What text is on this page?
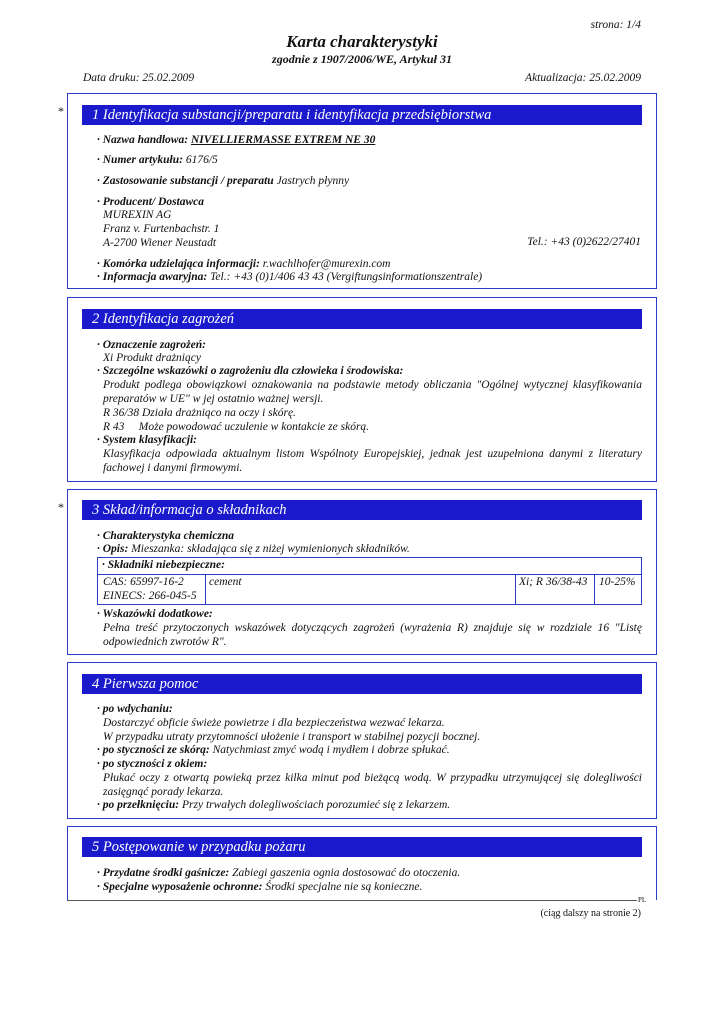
strona: 1/4
Karta charakterystyki
zgodnie z 1907/2006/WE, Artykuł 31
Data druku: 25.02.2009	Aktualizacja: 25.02.2009
*	1 Identyfikacja substancji/preparatu i identyfikacja przedsiębiorstwa
· Nazwa handlowa: NIVELLIERMASSE EXTREM NE 30
· Numer artykułu: 6176/5
· Zastosowanie substancji / preparatu Jastrych płynny
· Producent/ Dostawca
MUREXIN AG
Franz v. Furtenbachstr. 1
A-2700 Wiener Neustadt	Tel.: +43 (0)2622/27401
· Komórka udzielająca informacji: r.wachlhofer@murexin.com
· Informacja awaryjna: Tel.: +43 (0)1/406 43 43 (Vergiftungsinformationszentrale)
2 Identyfikacja zagrożeń
· Oznaczenie zagrożeń:
Xi Produkt drażniący
· Szczególne wskazówki o zagrożeniu dla człowieka i środowiska:
Produkt podlega obowiązkowi oznakowania na podstawie metody obliczania "Ogólnej wytycznej klasyfikowania preparatów w UE" w jej ostatnio ważnej wersji.
R 36/38 Działa drażniąco na oczy i skórę.
R 43     Może powodować uczulenie w kontakcie ze skórą.
· System klasyfikacji:
Klasyfikacja odpowiada aktualnym listom Wspólnoty Europejskiej, jednak jest uzupełniona danymi z literatury fachowej i danymi firmowymi.
*	3 Skład/informacja o składnikach
· Charakterystyka chemiczna
· Opis: Mieszanka: składająca się z niżej wymienionych składników.
· Składniki niebezpieczne:
CAS: 65997-16-2
EINECS: 266-045-5
cement	Xi; R 36/38-43 10-25%
· Wskazówki dodatkowe:
Pełna treść przytoczonych wskazówek dotyczących zagrożeń (wyrażenia R) znajduje się w rozdziale 16 "Listę odpowiednich zwrotów R".
4 Pierwsza pomoc
· po wdychaniu:
Dostarczyć obficie świeże powietrze i dla bezpieczeństwa wezwać lekarza.
W przypadku utraty przytomności ułożenie i transport w stabilnej pozycji bocznej.
· po styczności ze skórą: Natychmiast zmyć wodą i mydłem i dobrze spłukać.
· po styczności z okiem:
Płukać oczy z otwartą powieką przez kilka minut pod bieżącą wodą. W przypadku utrzymującej się dolegliwości zasięgnąć porady lekarza.
· po przełknięciu: Przy trwałych dolegliwościach porozumieć się z lekarzem.
5 Postępowanie w przypadku pożaru
· Przydatne środki gaśnicze: Zabiegi gaszenia ognia dostosować do otoczenia.
· Specjalne wyposażenie ochronne: Środki specjalne nie są konieczne.
PL
(ciąg dalszy na stronie 2)
